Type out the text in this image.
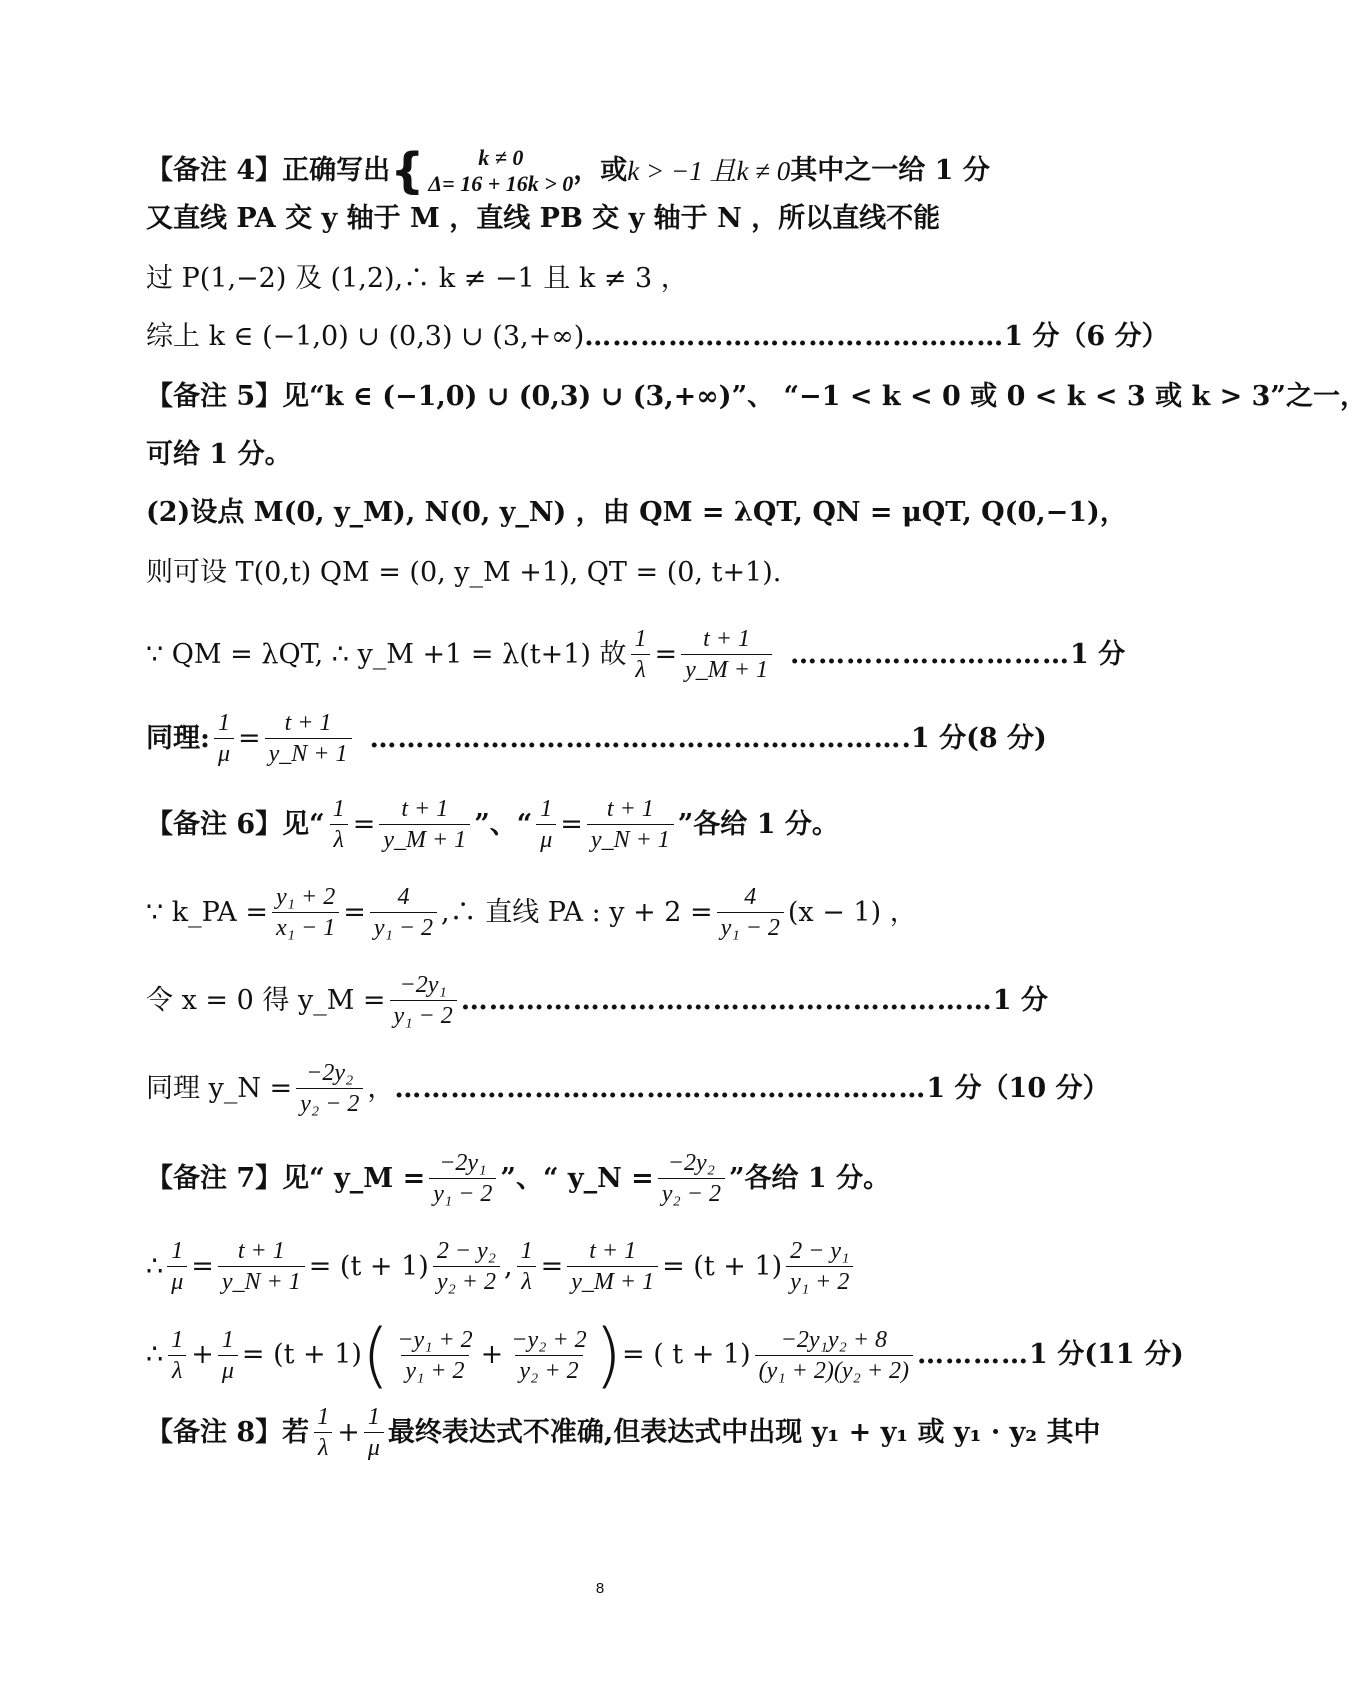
【备注 4】正确写出 { k ≠ 0
Δ= 16 + 16k > 0 ，或 k > −1 且k ≠ 0 其中之一给 1 分
又直线 PA 交 y 轴于 M ，直线 PB 交 y 轴于 N ，所以直线不能
过 P(1,−2) 及 (1,2),∴ k ≠ −1 且 k ≠ 3 ，
综上 k ∈ (−1,0) ∪ (0,3) ∪ (3,+∞) ……………………………………… 1 分（6 分）
【备注 5】见“k ∈ (−1,0) ∪ (0,3) ∪ (3,+∞)”、 “−1 < k < 0 或 0 < k < 3 或 k > 3”之一，
可给 1 分。
(2)设点 M(0, y_M), N(0, y_N) ，由 QM = λQT, QN = μQT, Q(0,−1)，
则可设 T(0,t) QM = (0, y_M +1), QT = (0, t+1).
∵ QM = λQT, ∴ y_M +1 = λ(t+1) 故 $\frac{1}{\lambda} = \frac{t + 1}{y\_M + 1}$ ………………………… 1 分
同理: $\frac{1}{\mu} = \frac{t + 1}{y\_N + 1}$ ………………………………………………… .1 分(8 分)
【备注 6】见“ $\frac{1}{\lambda} = \frac{t + 1}{y\_M + 1}$ ”、“ $\frac{1}{\mu} = \frac{t + 1}{y\_N + 1}$ ”各给 1 分。
∵ k_PA = $\frac{\text{y₁ + 2}}{\text{x₁ − 1}} = \frac{4}{\text{y₁ − 2}}$ ,∴ 直线 PA : $y + 2 = \frac{4}{\text{y₁ − 2}} (x - 1)$ ，
令 x = 0 得 y_M = $\frac{\text{−2y₁}}{\text{y₁ − 2}}$ ………………………………………………… 1 分
同理 y_N = $\frac{\text{−2y₂}}{\text{y₂ − 2}}$ ， ………………………………………………… 1 分（10 分）
【备注 7】见“ y_M = $\frac{\text{−2y₁}}{\text{y₁ − 2}}$ ”、“ y_N = $\frac{\text{−2y₂}}{\text{y₂ − 2}}$ ”各给 1 分。
∴ $\frac{1}{\mu} = \frac{t + 1}{y\_N + 1} = (t + 1) \frac{\text{2 − y₂}}{\text{y₂ + 2}}$ , $\frac{1}{\lambda} = \frac{t + 1}{y\_M + 1} = (t + 1) \frac{\text{2 − y₁}}{\text{y₁ + 2}}$
∴ $\frac{1}{\lambda} + \frac{1}{\mu} = (t + 1)$ ( $\frac{\text{−y₁ + 2}}{\text{y₁ + 2}} + \frac{\text{−y₂ + 2}}{\text{y₂ + 2}}$ ) = ( $t + 1) \frac{\text{−2y₁y₂ + 8}}{\text{(y₁ + 2)(y₂ + 2)}}$ ………… 1 分(11 分)
【备注 8】若 $\frac{1}{\lambda} + \frac{1}{\mu}$ 最终表达式不准确,但表达式中出现 y₁ + y₁ 或 y₁ · y₂ 其中
8
